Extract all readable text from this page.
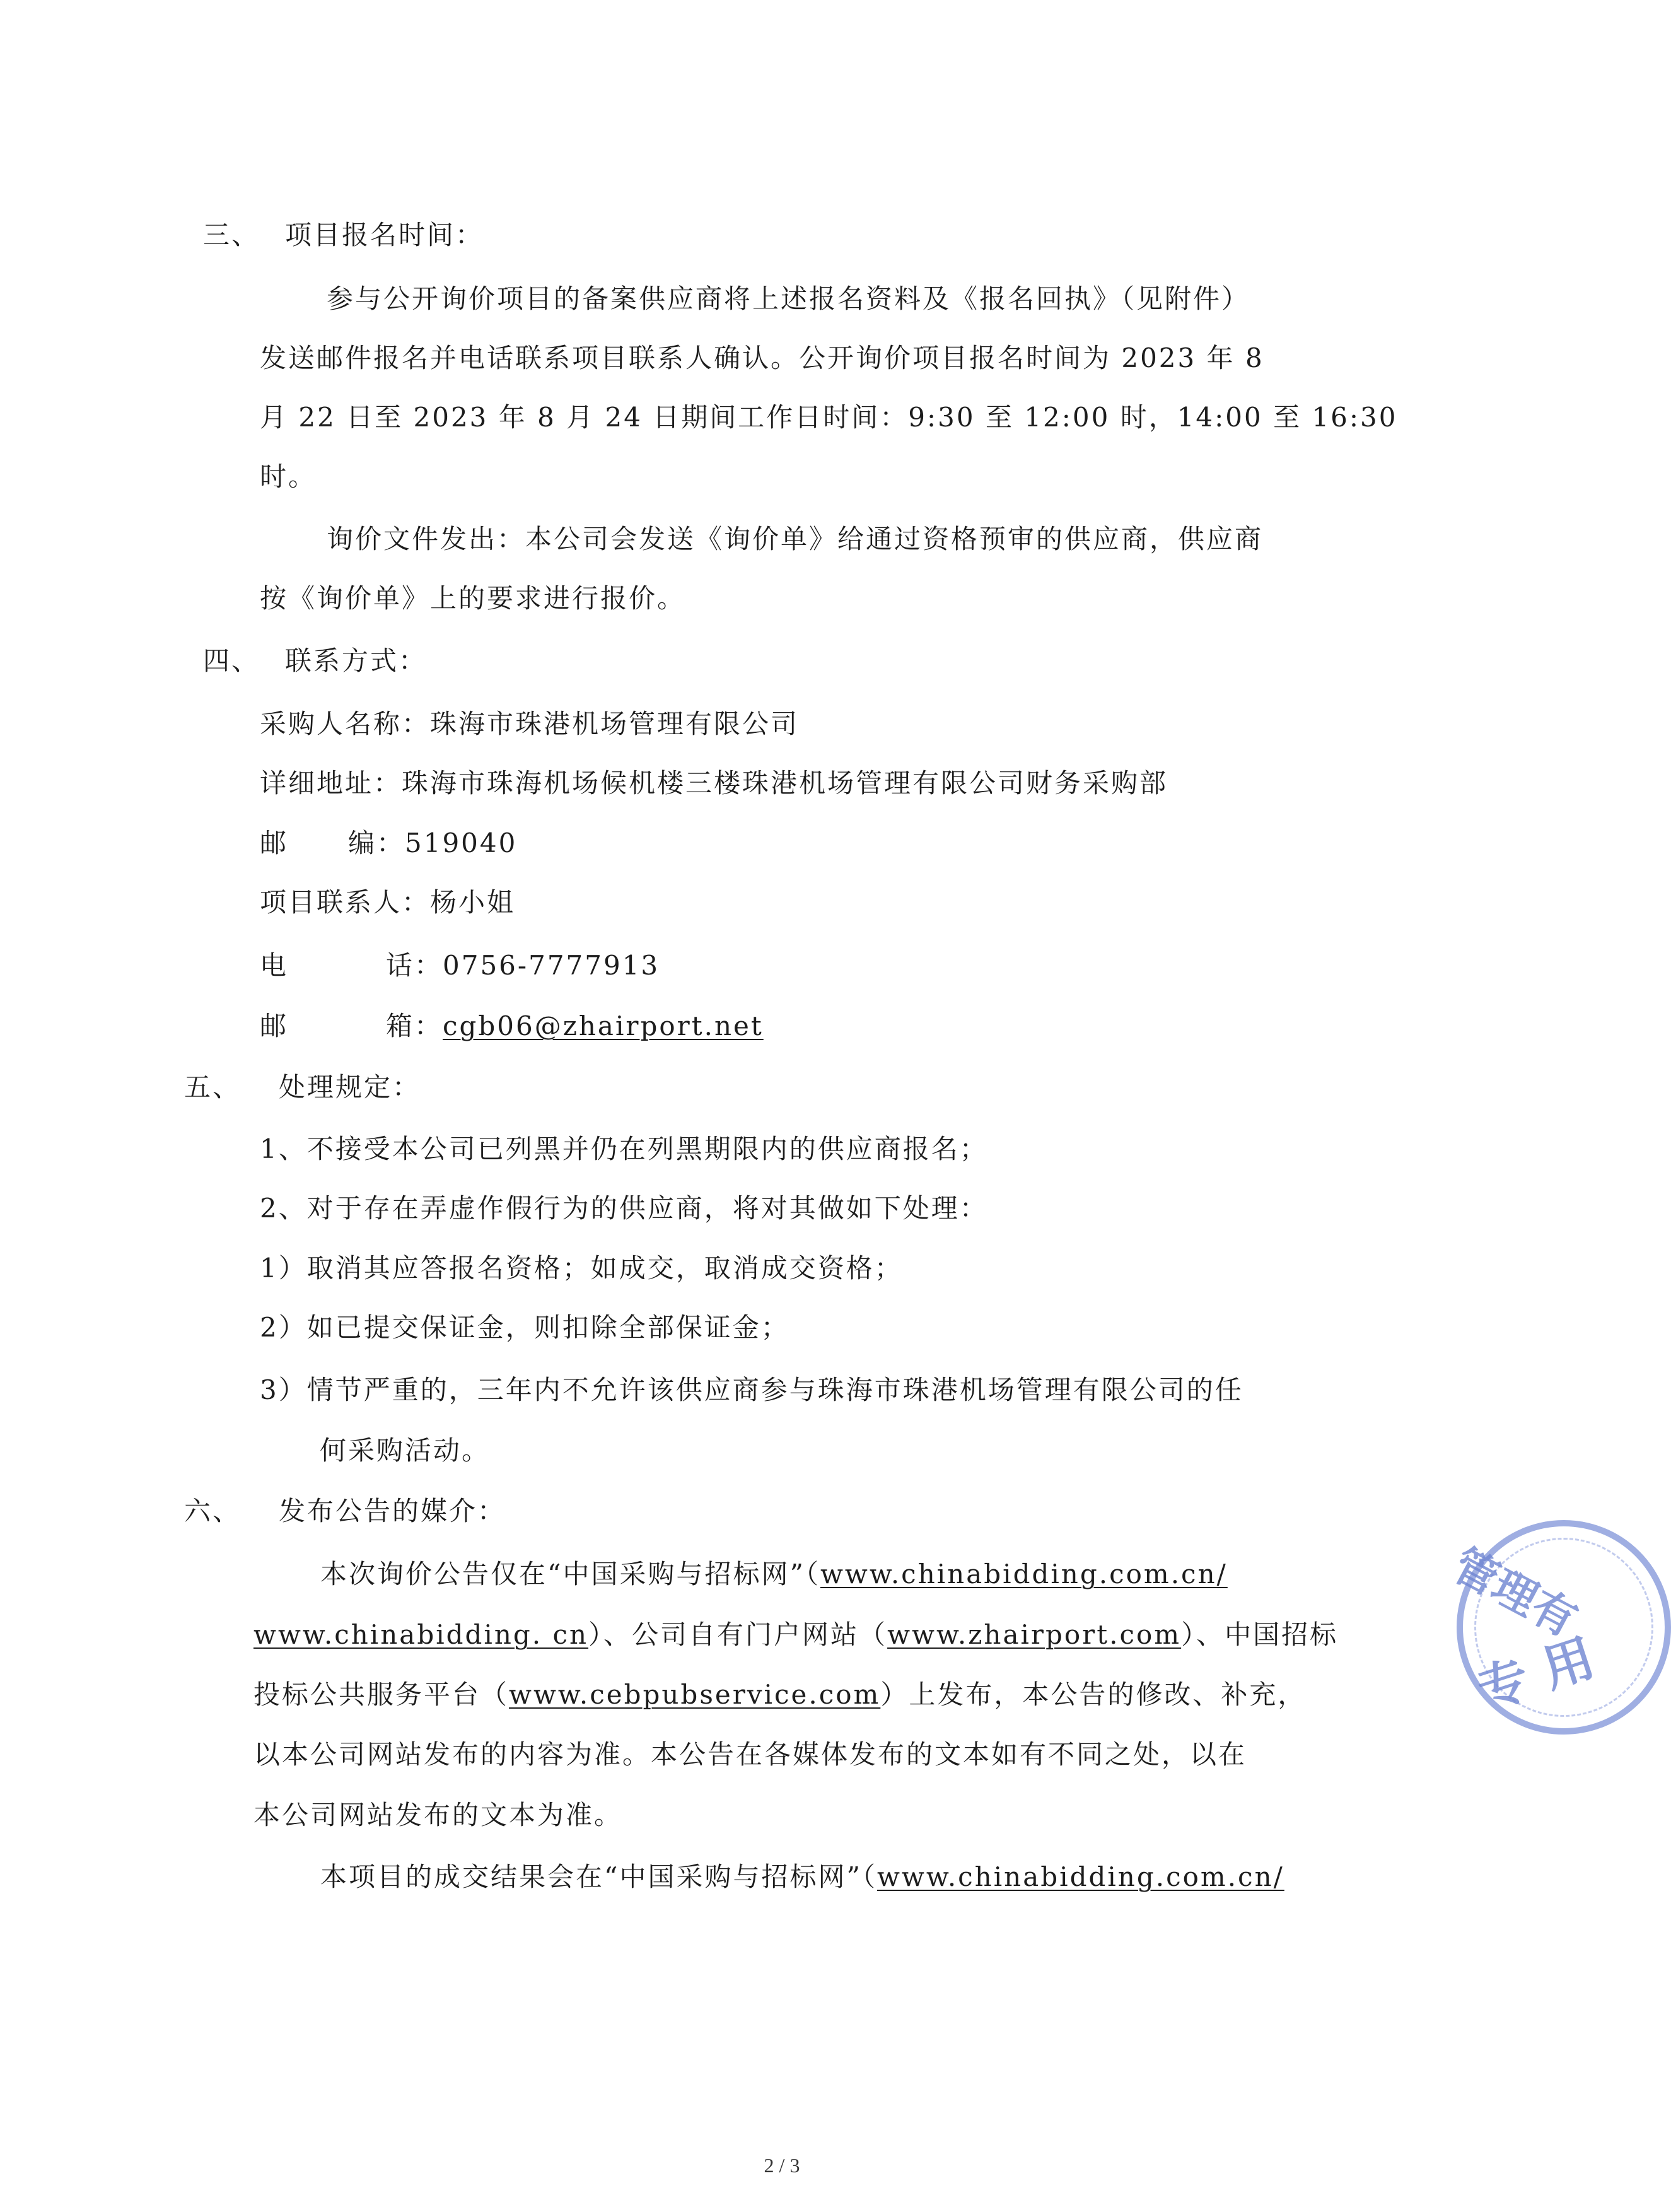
三、 项目报名时间：
参与公开询价项目的备案供应商将上述报名资料及《报名回执》（见附件）
发送邮件报名并电话联系项目联系人确认。公开询价项目报名时间为 2023 年 8
月 22 日至 2023 年 8 月 24 日期间工作日时间：9:30 至 12:00 时，14:00 至 16:30
时。
询价文件发出：本公司会发送《询价单》给通过资格预审的供应商，供应商
按《询价单》上的要求进行报价。
四、 联系方式：
采购人名称：珠海市珠港机场管理有限公司
详细地址：珠海市珠海机场候机楼三楼珠港机场管理有限公司财务采购部
邮 编：519040
项目联系人：杨小姐
电	话：0756-7777913
邮	箱：cgb06@zhairport.net
五、 处理规定：
1、不接受本公司已列黑并仍在列黑期限内的供应商报名；
2、对于存在弄虚作假行为的供应商，将对其做如下处理：
1）取消其应答报名资格；如成交，取消成交资格；
2）如已提交保证金，则扣除全部保证金；
3）情节严重的，三年内不允许该供应商参与珠海市珠港机场管理有限公司的任
何采购活动。
六、 发布公告的媒介：
本次询价公告仅在“中国采购与招标网”（www.chinabidding.com.cn/
www.chinabidding. cn）、公司自有门户网站（www.zhairport.com）、中国招标
投标公共服务平台（www.cebpubservice.com）上发布，本公告的修改、补充，
以本公司网站发布的内容为准。本公告在各媒体发布的文本如有不同之处，以在
本公司网站发布的文本为准。
本项目的成交结果会在“中国采购与招标网”（www.chinabidding.com.cn/
管理有
专 用
2 / 3
